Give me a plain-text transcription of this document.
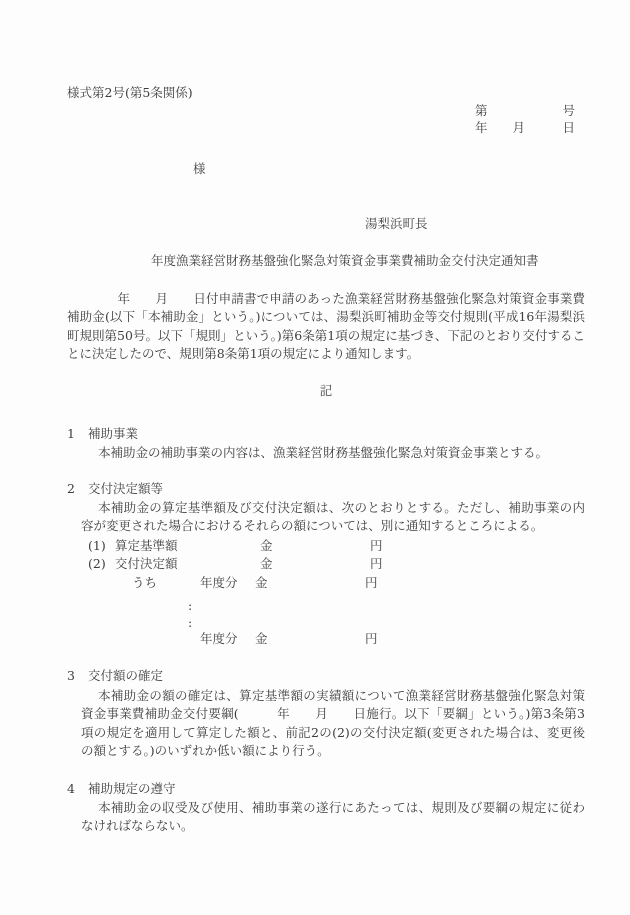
様式第2号(第5条関係)
第　　　　　　号
年　　月　　　日
様
湯梨浜町長
　　　年度漁業経営財務基盤強化緊急対策資金事業費補助金交付決定通知書
　　　　年　　月　　日付申請書で申請のあった漁業経営財務基盤強化緊急対策資金事業費補助金(以下「本補助金」という。)については、湯梨浜町補助金等交付規則(平成16年湯梨浜町規則第50号。以下「規則」という。)第6条第1項の規定に基づき、下記のとおり交付することに決定したので、規則第8条第1項の規定により通知します。
記
1 補助事業
本補助金の補助事業の内容は、漁業経営財務基盤強化緊急対策資金事業とする。
2 交付決定額等
本補助金の算定基準額及び交付決定額は、次のとおりとする。ただし、補助事業の内容が変更された場合におけるそれらの額については、別に通知するところによる。
(1) 算定基準額	金	円
(2) 交付決定額	金	円
うち	年度分 金	円
:
:
年度分 金	円
3 交付額の確定
本補助金の額の確定は、算定基準額の実績額について漁業経営財務基盤強化緊急対策資金事業費補助金交付要綱(　　　年　　月　　日施行。以下「要綱」という。)第3条第3項の規定を適用して算定した額と、前記2の(2)の交付決定額(変更された場合は、変更後の額とする。)のいずれか低い額により行う。
4 補助規定の遵守
本補助金の収受及び使用、補助事業の遂行にあたっては、規則及び要綱の規定に従わなければならない。
